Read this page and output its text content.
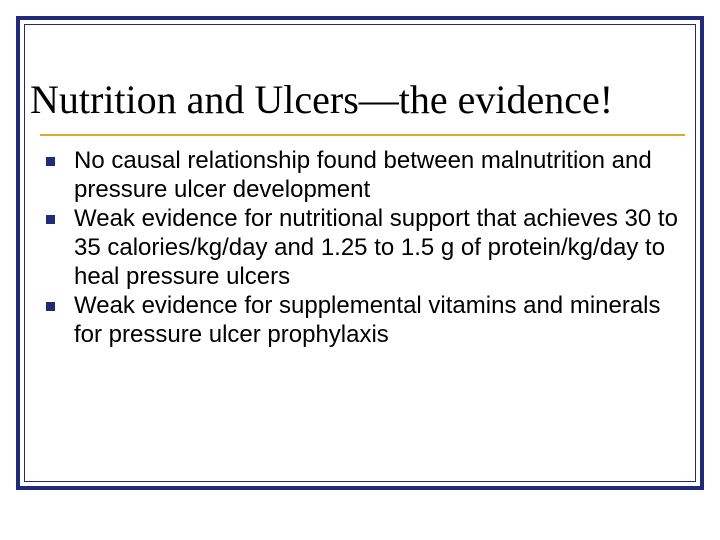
Nutrition and Ulcers—the evidence!
No causal relationship found between malnutrition and pressure ulcer development
Weak evidence for nutritional support that achieves 30 to 35 calories/kg/day and 1.25 to 1.5 g of protein/kg/day to heal pressure ulcers
Weak evidence for supplemental vitamins and minerals for pressure ulcer prophylaxis
